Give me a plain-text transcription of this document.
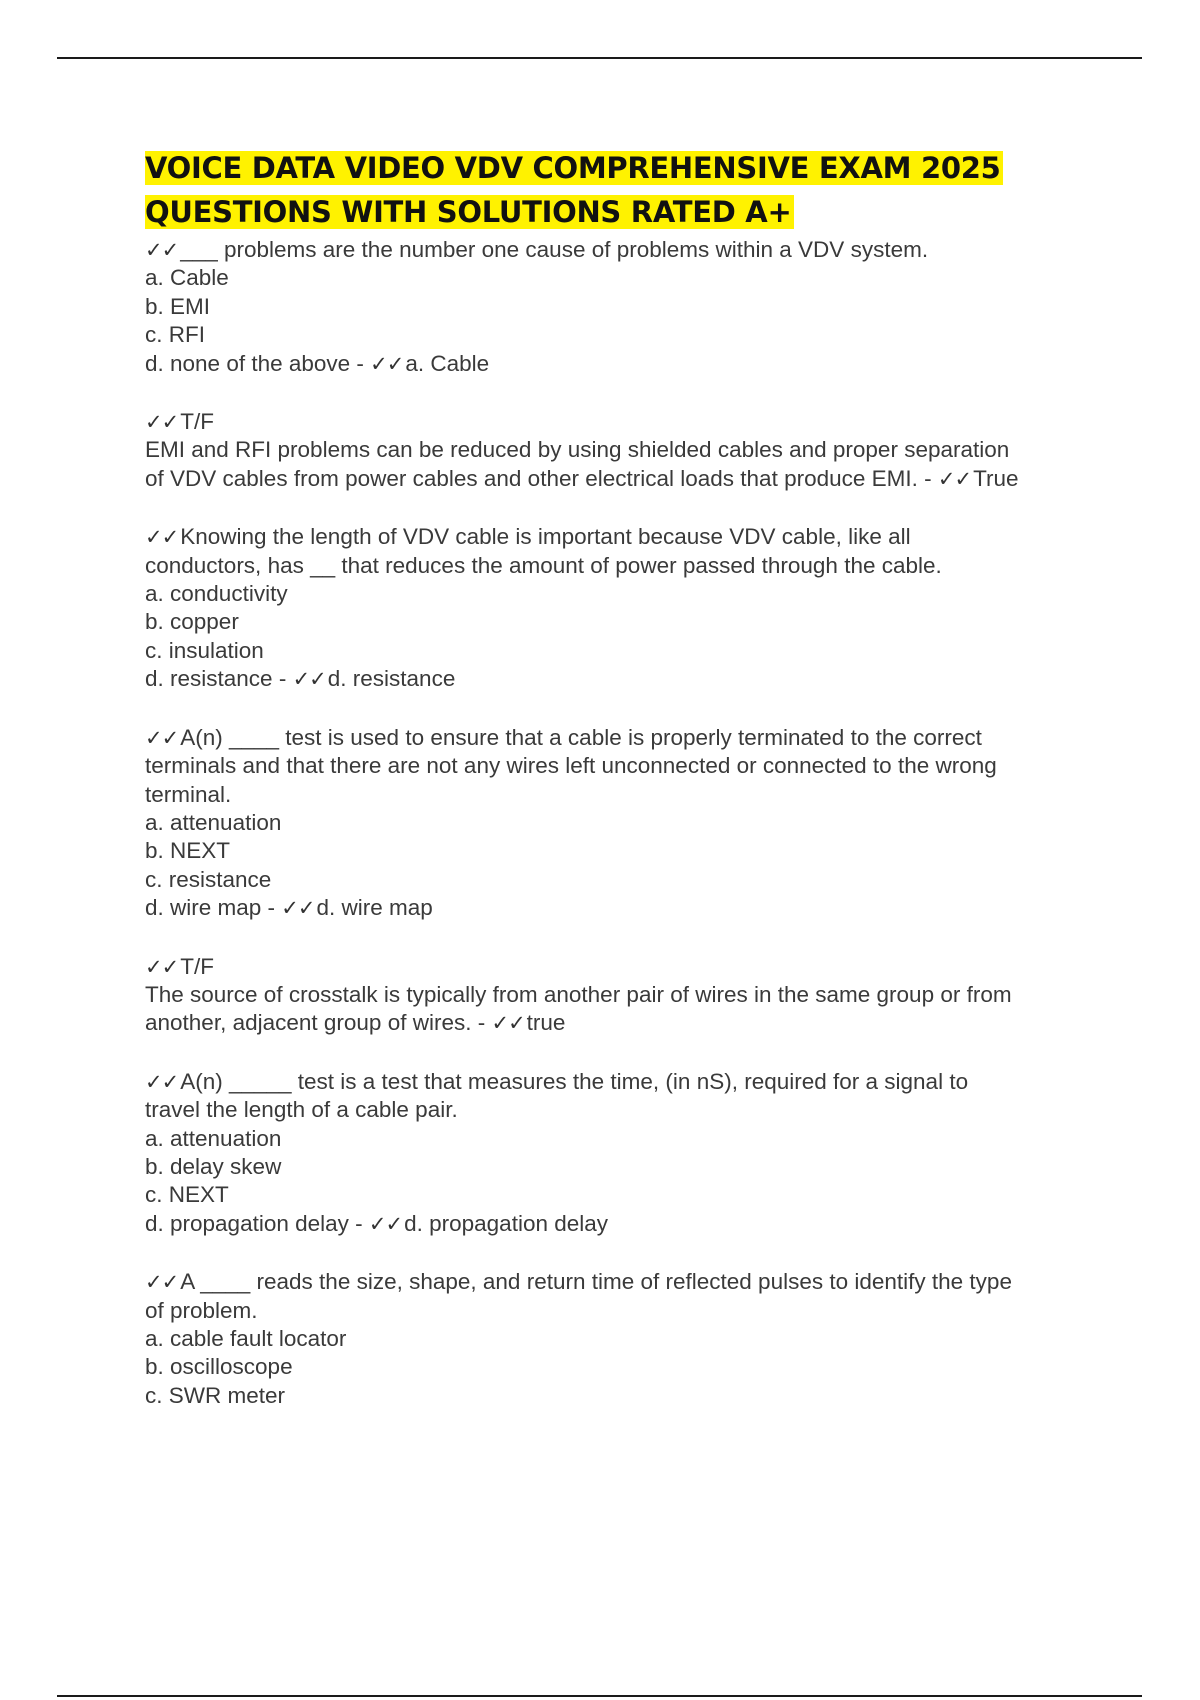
VOICE DATA VIDEO VDV COMPREHENSIVE EXAM 2025
QUESTIONS WITH SOLUTIONS RATED A+
✓✓___ problems are the number one cause of problems within a VDV system.
a. Cable
b. EMI
c. RFI
d. none of the above - ✓✓a. Cable
✓✓T/F
EMI and RFI problems can be reduced by using shielded cables and proper separation
of VDV cables from power cables and other electrical loads that produce EMI. - ✓✓True
✓✓Knowing the length of VDV cable is important because VDV cable, like all
conductors, has __ that reduces the amount of power passed through the cable.
a. conductivity
b. copper
c. insulation
d. resistance - ✓✓d. resistance
✓✓A(n) ____ test is used to ensure that a cable is properly terminated to the correct
terminals and that there are not any wires left unconnected or connected to the wrong
terminal.
a. attenuation
b. NEXT
c. resistance
d. wire map - ✓✓d. wire map
✓✓T/F
The source of crosstalk is typically from another pair of wires in the same group or from
another, adjacent group of wires. - ✓✓true
✓✓A(n) _____ test is a test that measures the time, (in nS), required for a signal to
travel the length of a cable pair.
a. attenuation
b. delay skew
c. NEXT
d. propagation delay - ✓✓d. propagation delay
✓✓A ____ reads the size, shape, and return time of reflected pulses to identify the type
of problem.
a. cable fault locator
b. oscilloscope
c. SWR meter
